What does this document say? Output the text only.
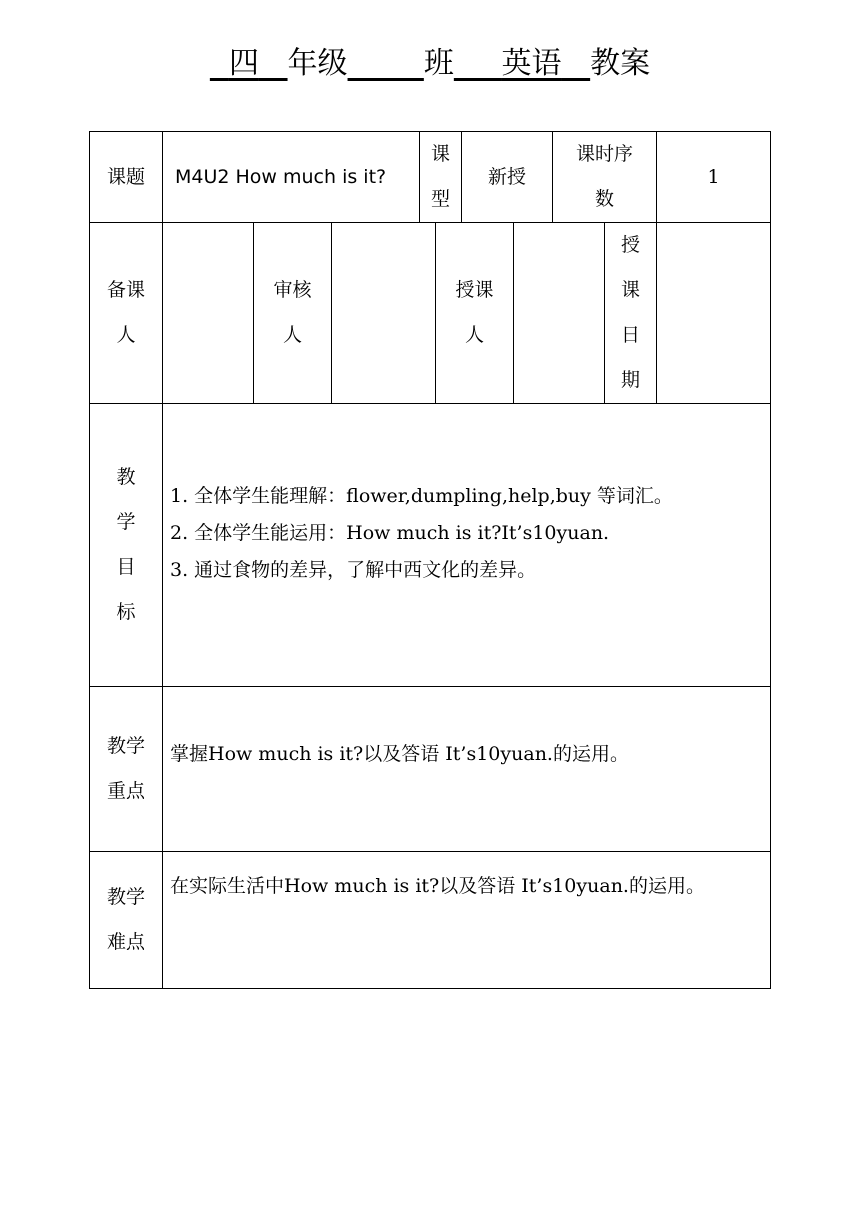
四 年级	班 英语 教案
课题 M4U2 How much is it?
课型
新授
课时序数
1
备课人
审核人
授课人
授课日期
教学目标
1. 全体学生能理解：flower,dumpling,help,buy 等词汇。
2. 全体学生能运用：How much is it?It’s10yuan.
3. 通过食物的差异，了解中西文化的差异。
教学重点
掌握How much is it?以及答语 It’s10yuan.的运用。
教学难点
在实际生活中How much is it?以及答语 It’s10yuan.的运用。
